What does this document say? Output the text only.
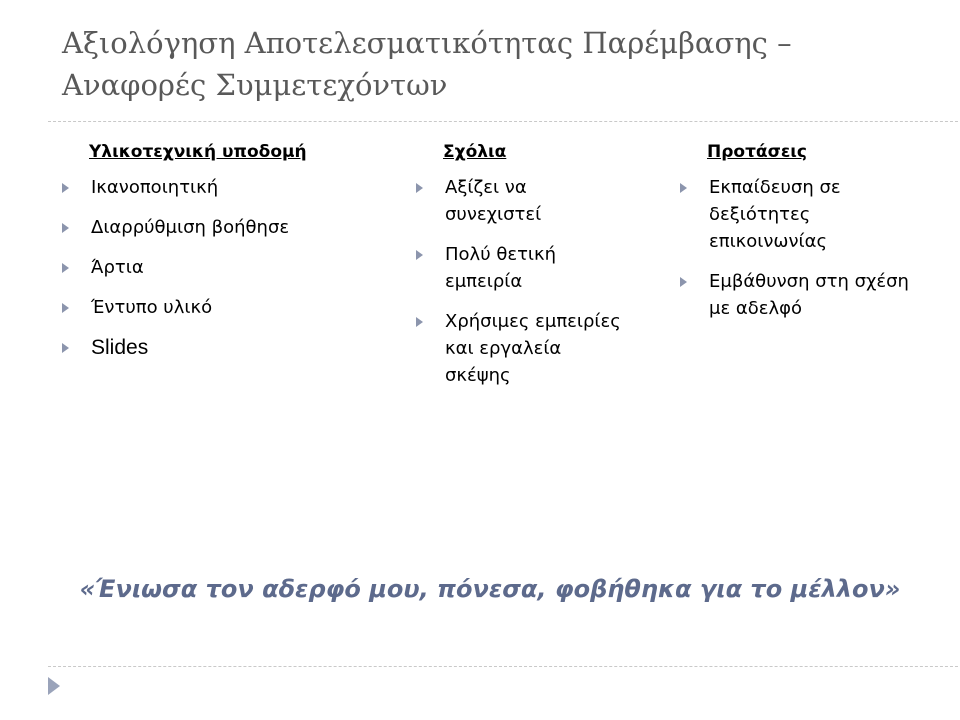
Αξιολόγηση Αποτελεσματικότητας Παρέμβασης –
Αναφορές Συμμετεχόντων
Υλικοτεχνική υποδομή
Ικανοποιητική
Διαρρύθμιση βοήθησε
Άρτια
Έντυπο υλικό
Slides
Σχόλια
Αξίζει να συνεχιστεί
Πολύ θετική εμπειρία
Χρήσιμες εμπειρίες και εργαλεία σκέψης
Προτάσεις
Εκπαίδευση σε δεξιότητες επικοινωνίας
Εμβάθυνση στη σχέση με αδελφό
«Ένιωσα τον αδερφό μου, πόνεσα, φοβήθηκα για το μέλλον»
